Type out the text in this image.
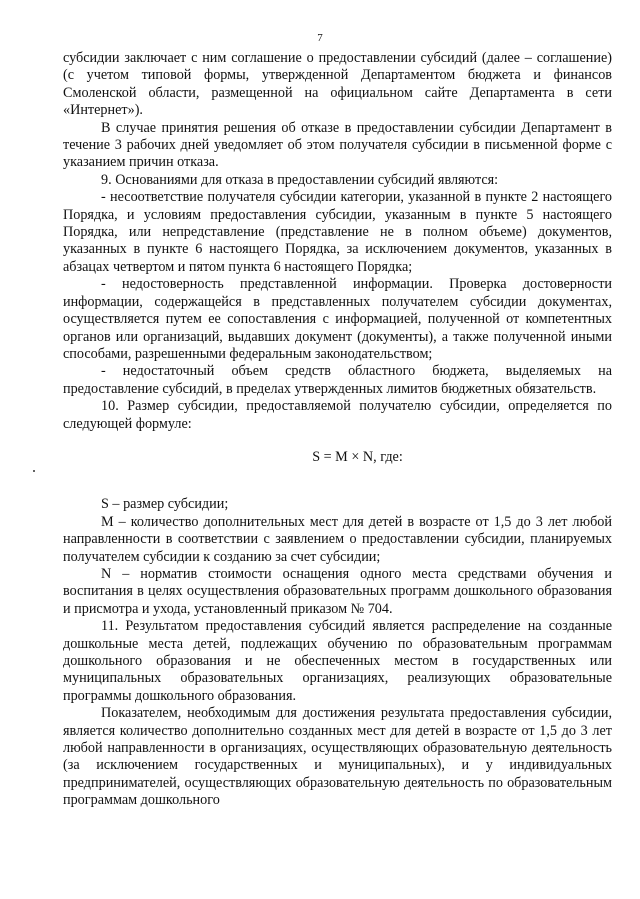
7

субсидии заключает с ним соглашение о предоставлении субсидий (далее – соглашение) (с учетом типовой формы, утвержденной Департаментом бюджета и финансов Смоленской области, размещенной на официальном сайте Департамента в сети «Интернет»).

В случае принятия решения об отказе в предоставлении субсидии Департамент в течение 3 рабочих дней уведомляет об этом получателя субсидии в письменной форме с указанием причин отказа.

9. Основаниями для отказа в предоставлении субсидий являются:

- несоответствие получателя субсидии категории, указанной в пункте 2 настоящего Порядка, и условиям предоставления субсидии, указанным в пункте 5 настоящего Порядка, или непредставление (представление не в полном объеме) документов, указанных в пункте 6 настоящего Порядка, за исключением документов, указанных в абзацах четвертом и пятом пункта 6 настоящего Порядка;

- недостоверность представленной информации. Проверка достоверности информации, содержащейся в представленных получателем субсидии документах, осуществляется путем ее сопоставления с информацией, полученной от компетентных органов или организаций, выдавших документ (документы), а также полученной иными способами, разрешенными федеральным законодательством;

- недостаточный объем средств областного бюджета, выделяемых на предоставление субсидий, в пределах утвержденных лимитов бюджетных обязательств.

10. Размер субсидии, предоставляемой получателю субсидии, определяется по следующей формуле:

S = M × N, где:

S – размер субсидии;

M – количество дополнительных мест для детей в возрасте от 1,5 до 3 лет любой направленности в соответствии с заявлением о предоставлении субсидии, планируемых получателем субсидии к созданию за счет субсидии;

N – норматив стоимости оснащения одного места средствами обучения и воспитания в целях осуществления образовательных программ дошкольного образования и присмотра и ухода, установленный приказом № 704.

11. Результатом предоставления субсидий является распределение на созданные дошкольные места детей, подлежащих обучению по образовательным программам дошкольного образования и не обеспеченных местом в государственных или муниципальных образовательных организациях, реализующих образовательные программы дошкольного образования.

Показателем, необходимым для достижения результата предоставления субсидии, является количество дополнительно созданных мест для детей в возрасте от 1,5 до 3 лет любой направленности в организациях, осуществляющих образовательную деятельность (за исключением государственных и муниципальных), и у индивидуальных предпринимателей, осуществляющих образовательную деятельность по образовательным программам дошкольного
